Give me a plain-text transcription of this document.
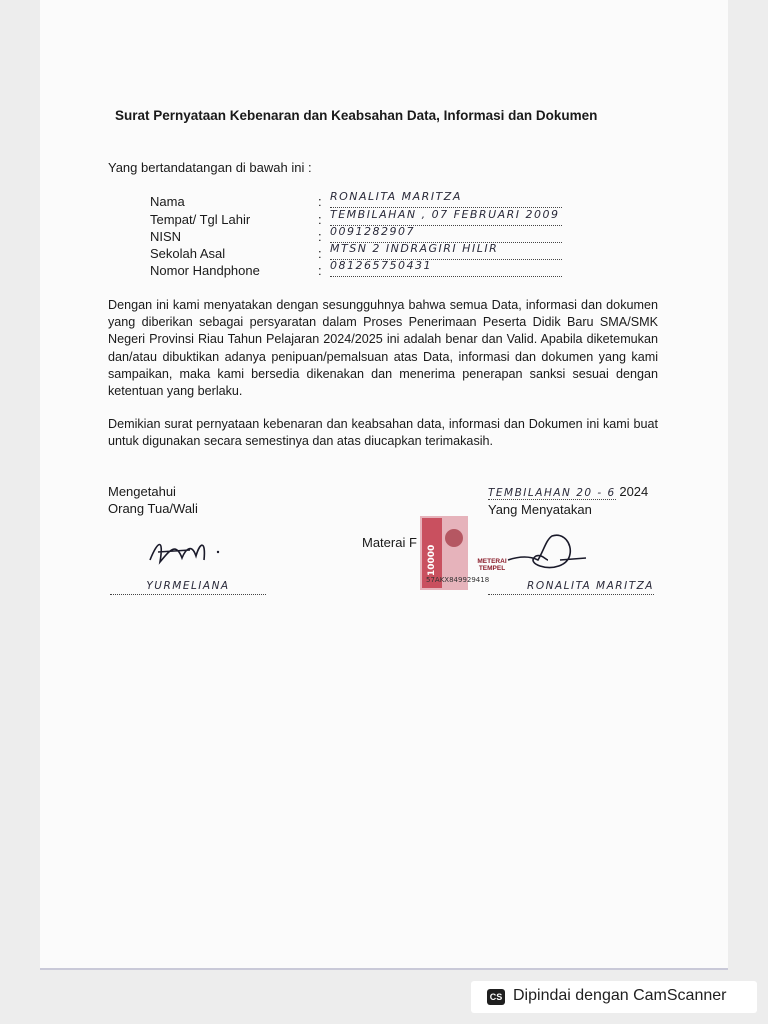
Surat Pernyataan Kebenaran dan Keabsahan Data, Informasi dan Dokumen
Yang bertandatangan di bawah ini :
Nama	: RONALITA MARITZA
Tempat/ Tgl Lahir	: TEMBILAHAN , 07 FEBRUARI 2009
NISN	: 0091282907
Sekolah Asal	: MTSN 2 INDRAGIRI HILIR
Nomor Handphone	: 081265750431
Dengan ini kami menyatakan dengan sesungguhnya bahwa semua Data, informasi dan dokumen yang diberikan sebagai persyaratan dalam Proses Penerimaan Peserta Didik Baru SMA/SMK Negeri Provinsi Riau Tahun Pelajaran 2024/2025 ini adalah benar dan Valid. Apabila diketemukan dan/atau dibuktikan adanya penipuan/pemalsuan atas Data, informasi dan dokumen yang kami sampaikan, maka kami bersedia dikenakan dan menerima penerapan sanksi sesuai dengan ketentuan yang berlaku.
Demikian surat pernyataan kebenaran dan keabsahan data, informasi dan Dokumen ini kami buat untuk digunakan secara semestinya dan atas diucapkan terimakasih.
Mengetahui
Orang Tua/Wali
YURMELIANA
TEMBILAHAN 20 - 6 2024
Yang Menyatakan
Materai F
10000
57AKX849929418
METERAI TEMPEL
RONALITA MARITZA
CS Dipindai dengan CamScanner
